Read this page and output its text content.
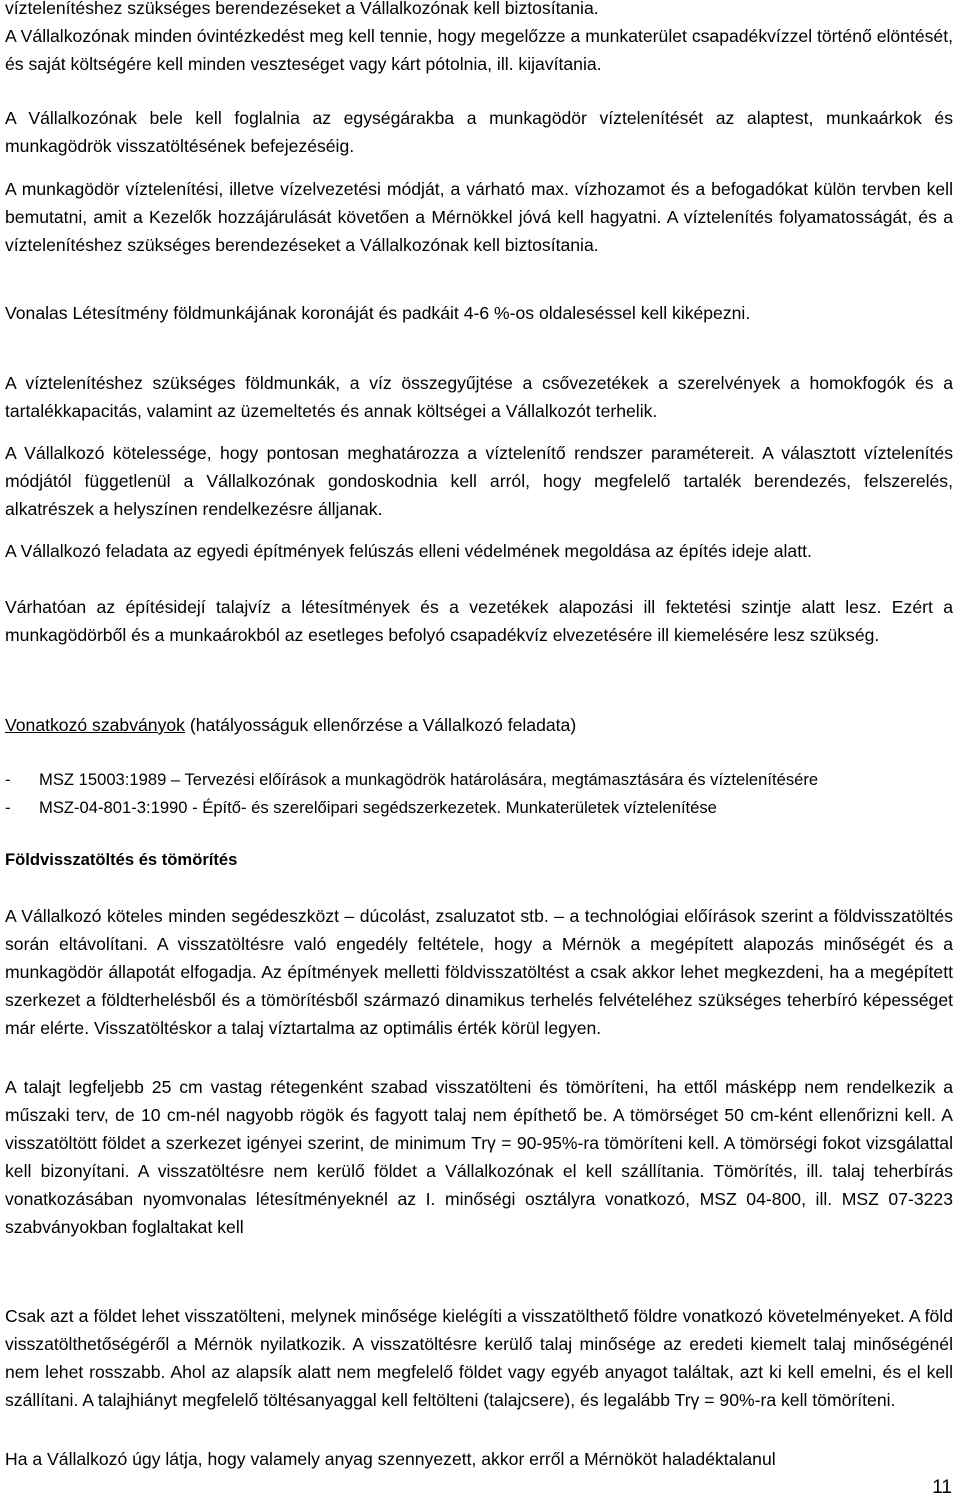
víztelenítéshez szükséges berendezéseket a Vállalkozónak kell biztosítania.

A Vállalkozónak minden óvintézkedést meg kell tennie, hogy megelőzze a munkaterület csapadékvízzel történő elöntését, és saját költségére kell minden veszteséget vagy kárt pótolnia, ill. kijavítania.

A Vállalkozónak bele kell foglalnia az egységárakba a munkagödör víztelenítését az alaptest, munkaárkok és munkagödrök visszatöltésének befejezéséig.

A munkagödör víztelenítési, illetve vízelvezetési módját, a várható max. vízhozamot és a befogadókat külön tervben kell bemutatni, amit a Kezelők hozzájárulását követően a Mérnökkel jóvá kell hagyatni. A víztelenítés folyamatosságát, és a víztelenítéshez szükséges berendezéseket a Vállalkozónak kell biztosítania.

Vonalas Létesítmény földmunkájának koronáját és padkáit 4-6 %-os oldaleséssel kell kiképezni.

A víztelenítéshez szükséges földmunkák, a víz összegyűjtése a csővezetékek a szerelvények a homokfogók és a tartalékkapacitás, valamint az üzemeltetés és annak költségei a Vállalkozót terhelik.

A Vállalkozó kötelessége, hogy pontosan meghatározza a víztelenítő rendszer paramétereit. A választott víztelenítés módjától függetlenül a Vállalkozónak gondoskodnia kell arról, hogy megfelelő tartalék berendezés, felszerelés, alkatrészek a helyszínen rendelkezésre álljanak.

A Vállalkozó feladata az egyedi építmények felúszás elleni védelmének megoldása az építés ideje alatt.

Várhatóan az építésidejí talajvíz a létesítmények és a vezetékek alapozási ill fektetési szintje alatt lesz. Ezért a munkagödörből és a munkaárokból az esetleges befolyó csapadékvíz elvezetésére ill kiemelésére lesz szükség.

Vonatkozó szabványok (hatályosságuk ellenőrzése a Vállalkozó feladata)

- MSZ 15003:1989 – Tervezési előírások a munkagödrök határolására, megtámasztására és víztelenítésére
- MSZ-04-801-3:1990 - Építő- és szerelőipari segédszerkezetek. Munkaterületek víztelenítése

Földvisszatöltés és tömörítés

A Vállalkozó köteles minden segédeszközt – dúcolást, zsaluzatot stb. – a technológiai előírások szerint a földvisszatöltés során eltávolítani. A visszatöltésre való engedély feltétele, hogy a Mérnök a megépített alapozás minőségét és a munkagödör állapotát elfogadja. Az építmények melletti földvisszatöltést a csak akkor lehet megkezdeni, ha a megépített szerkezet a földterhelésből és a tömörítésből származó dinamikus terhelés felvételéhez szükséges teherbíró képességet már elérte. Visszatöltéskor a talaj víztartalma az optimális érték körül legyen.

A talajt legfeljebb 25 cm vastag rétegenként szabad visszatölteni és tömöríteni, ha ettől másképp nem rendelkezik a műszaki terv, de 10 cm-nél nagyobb rögök és fagyott talaj nem építhető be. A tömörséget 50 cm-ként ellenőrizni kell. A visszatöltött földet a szerkezet igényei szerint, de minimum Trγ = 90-95%-ra tömöríteni kell. A tömörségi fokot vizsgálattal kell bizonyítani. A visszatöltésre nem kerülő földet a Vállalkozónak el kell szállítania. Tömörítés, ill. talaj teherbírás vonatkozásában nyomvonalas létesítményeknél az I. minőségi osztályra vonatkozó, MSZ 04-800, ill. MSZ 07-3223 szabványokban foglaltakat kell

Csak azt a földet lehet visszatölteni, melynek minősége kielégíti a visszatölthető földre vonatkozó követelményeket. A föld visszatölthetőségéről a Mérnök nyilatkozik. A visszatöltésre kerülő talaj minősége az eredeti kiemelt talaj minőségénél nem lehet rosszabb. Ahol az alapsík alatt nem megfelelő földet vagy egyéb anyagot találtak, azt ki kell emelni, és el kell szállítani. A talajhiányt megfelelő töltésanyaggal kell feltölteni (talajcsere), és legalább Trγ = 90%-ra kell tömöríteni.

Ha a Vállalkozó úgy látja, hogy valamely anyag szennyezett, akkor erről a Mérnököt haladéktalanul

11
